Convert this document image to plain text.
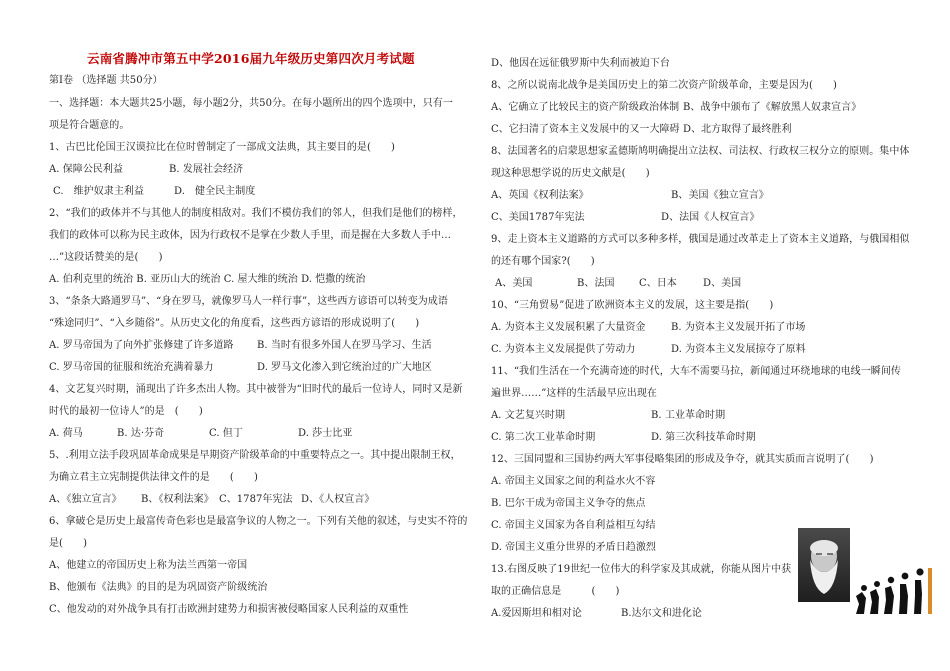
云南省腾冲市第五中学2016届九年级历史第四次月考试题
第Ⅰ卷 （选择题 共50分）
一、选择题：本大题共25小题，每小题2分，共50分。在每小题所出的四个选项中，只有一
项是符合题意的。
1、古巴比伦国王汉谟拉比在位时曾制定了一部成文法典，其主要目的是(　　)
A. 保障公民利益	B. 发展社会经济
C.　维护奴隶主利益	D.　健全民主制度
2、“我们的政体并不与其他人的制度相敌对。我们不模仿我们的邻人，但我们是他们的榜样，
我们的政体可以称为民主政体，因为行政权不是掌在少数人手里，而是握在大多数人手中…
…”这段话赞美的是(　　)
A. 伯利克里的统治 B. 亚历山大的统治 C. 屋大维的统治 D. 恺撒的统治
3、“条条大路通罗马”、“身在罗马，就像罗马人一样行事”，这些西方谚语可以转变为成语
“殊途同归”、“入乡随俗”。从历史文化的角度看，这些西方谚语的形成说明了(　　)
A. 罗马帝国为了向外扩张修建了许多道路 B. 当时有很多外国人在罗马学习、生活
C. 罗马帝国的征服和统治充满着暴力	D. 罗马文化渗入到它统治过的广大地区
4、文艺复兴时期，涌现出了许多杰出人物。其中被誉为“旧时代的最后一位诗人，同时又是新
时代的最初一位诗人”的是　(　　)
A. 荷马	B. 达·芬奇	C. 但丁	D. 莎士比亚
5、.利用立法手段巩固革命成果是早期资产阶级革命的中重要特点之一。其中提出限制王权，
为确立君主立宪制提供法律文件的是　　(　　)
A、《独立宣言》 B、《权利法案》 C、1787年宪法 D、《人权宣言》
6、拿破仑是历史上最富传奇色彩也是最富争议的人物之一。下列有关他的叙述，与史实不符的
是(　　)
A、他建立的帝国历史上称为法兰西第一帝国
B、他颁布《法典》的目的是为巩固资产阶级统治
C、他发动的对外战争具有打击欧洲封建势力和损害被侵略国家人民利益的双重性
D、他因在远征俄罗斯中失利而被迫下台
8、之所以说南北战争是美国历史上的第二次资产阶级革命，主要是因为(　　)
A、它确立了比较民主的资产阶级政治体制 B、战争中颁布了《解放黑人奴隶宣言》
C、它扫清了资本主义发展中的又一大障碍 D、北方取得了最终胜利
8、法国著名的启蒙思想家孟德斯鸠明确提出立法权、司法权、行政权三权分立的原则。集中体
现这种思想学说的历史文献是(　　)
A、英国《权利法案》	B、美国《独立宣言》
C、美国1787年宪法	D、法国《人权宣言》
9、走上资本主义道路的方式可以多种多样，俄国是通过改革走上了资本主义道路，与俄国相似
的还有哪个国家?(　　)
A、美国	B、法国 C、日本	D、美国
10、“三角贸易”促进了欧洲资本主义的发展，这主要是指(　　)
A. 为资本主义发展积累了大量资金	B. 为资本主义发展开拓了市场
C. 为资本主义发展提供了劳动力	D. 为资本主义发展掠夺了原料
11、“我们生活在一个充满奇迹的时代，大车不需要马拉，新闻通过环绕地球的电线一瞬间传
遍世界……”这样的生活最早应出现在
A. 文艺复兴时期	B. 工业革命时期
C. 第二次工业革命时期	D. 第三次科技革命时期
12、三国同盟和三国协约两大军事侵略集团的形成及争夺，就其实质而言说明了(　　)
A. 帝国主义国家之间的利益水火不容
B. 巴尔干成为帝国主义争夺的焦点
C. 帝国主义国家为各自利益相互勾结
D. 帝国主义重分世界的矛盾日趋激烈
13.右图反映了19世纪一位伟大的科学家及其成就，你能从图片中获
取的正确信息是　　　(　　)
A.爱因斯坦和相对论	B.达尔文和进化论
